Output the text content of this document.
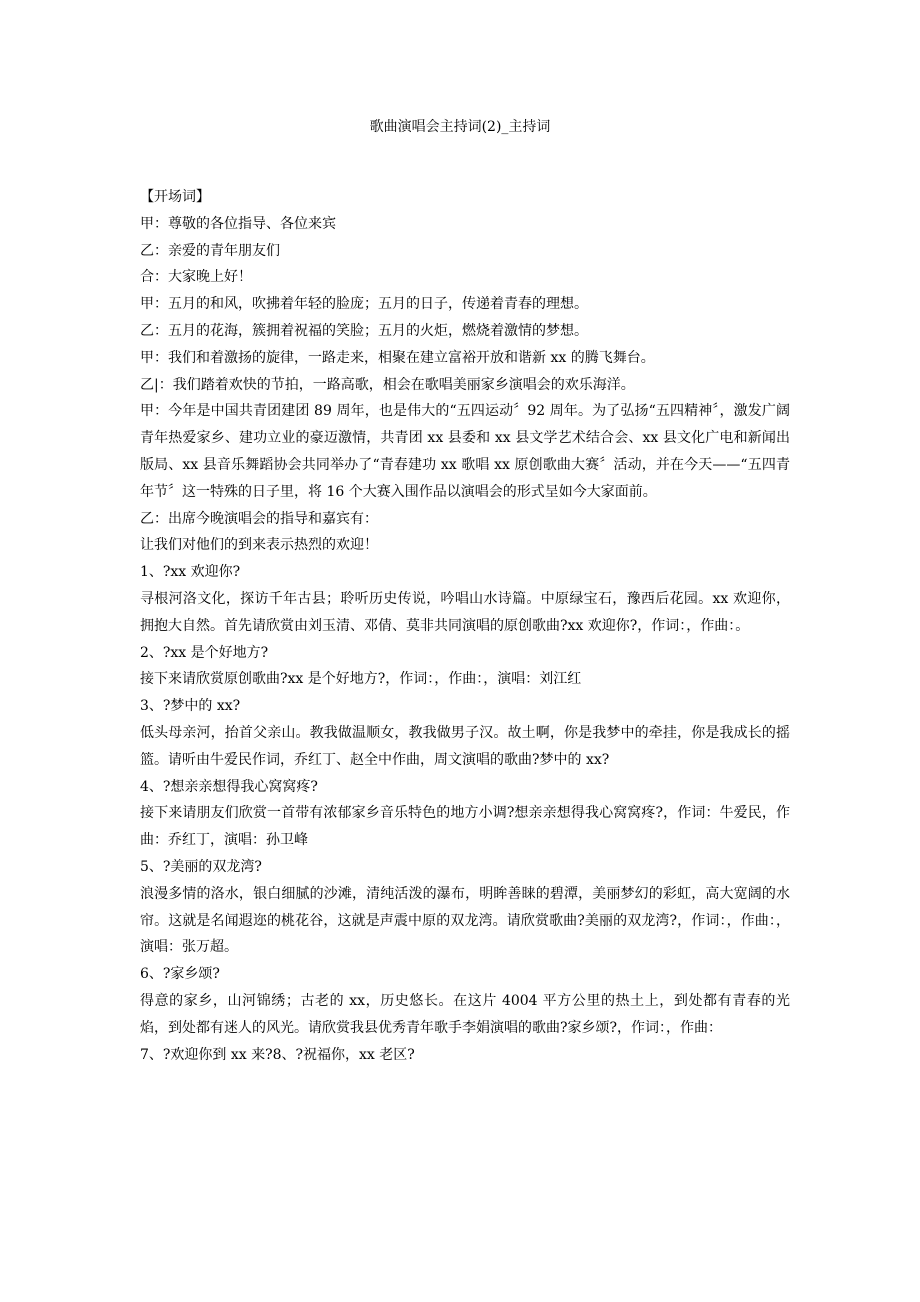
歌曲演唱会主持词(2)_主持词

【开场词】

甲：尊敬的各位指导、各位来宾

乙：亲爱的青年朋友们

合：大家晚上好！

甲：五月的和风，吹拂着年轻的脸庞；五月的日子，传递着青春的理想。

乙：五月的花海，簇拥着祝福的笑脸；五月的火炬，燃烧着激情的梦想。

甲：我们和着激扬的旋律，一路走来，相聚在建立富裕开放和谐新 xx 的腾飞舞台。

乙|：我们踏着欢快的节拍，一路高歌，相会在歌唱美丽家乡演唱会的欢乐海洋。

甲：今年是中国共青团建团 89 周年，也是伟大的“五四运动〞92 周年。为了弘扬“五四精神〞，激发广阔青年热爱家乡、建功立业的豪迈激情，共青团 xx 县委和 xx 县文学艺术结合会、xx 县文化广电和新闻出版局、xx 县音乐舞蹈协会共同举办了“青春建功 xx 歌唱 xx 原创歌曲大赛〞活动，并在今天——“五四青年节〞这一特殊的日子里，将 16 个大赛入围作品以演唱会的形式呈如今大家面前。

乙：出席今晚演唱会的指导和嘉宾有：

让我们对他们的到来表示热烈的欢迎！

1、?xx 欢迎你?

寻根河洛文化，探访千年古县；聆听历史传说，吟唱山水诗篇。中原绿宝石，豫西后花园。xx 欢迎你，拥抱大自然。首先请欣赏由刘玉清、邓倩、莫非共同演唱的原创歌曲?xx 欢迎你?，作词：，作曲：。

2、?xx 是个好地方?

接下来请欣赏原创歌曲?xx 是个好地方?，作词：，作曲：，演唱：刘江红

3、?梦中的 xx?

低头母亲河，抬首父亲山。教我做温顺女，教我做男子汉。故土啊，你是我梦中的牵挂，你是我成长的摇篮。请听由牛爱民作词，乔红丁、赵全中作曲，周文演唱的歌曲?梦中的 xx?

4、?想亲亲想得我心窝窝疼?

接下来请朋友们欣赏一首带有浓郁家乡音乐特色的地方小调?想亲亲想得我心窝窝疼?，作词：牛爱民，作曲：乔红丁，演唱：孙卫峰

5、?美丽的双龙湾?

浪漫多情的洛水，银白细腻的沙滩，清纯活泼的瀑布，明眸善睐的碧潭，美丽梦幻的彩虹，高大宽阔的水帘。这就是名闻遐迩的桃花谷，这就是声震中原的双龙湾。请欣赏歌曲?美丽的双龙湾?，作词：，作曲：，演唱：张万超。

6、?家乡颂?

得意的家乡，山河锦绣；古老的 xx，历史悠长。在这片 4004 平方公里的热土上，到处都有青春的光焰，到处都有迷人的风光。请欣赏我县优秀青年歌手李娟演唱的歌曲?家乡颂?，作词：，作曲：

7、?欢迎你到 xx 来?8、?祝福你，xx 老区?
